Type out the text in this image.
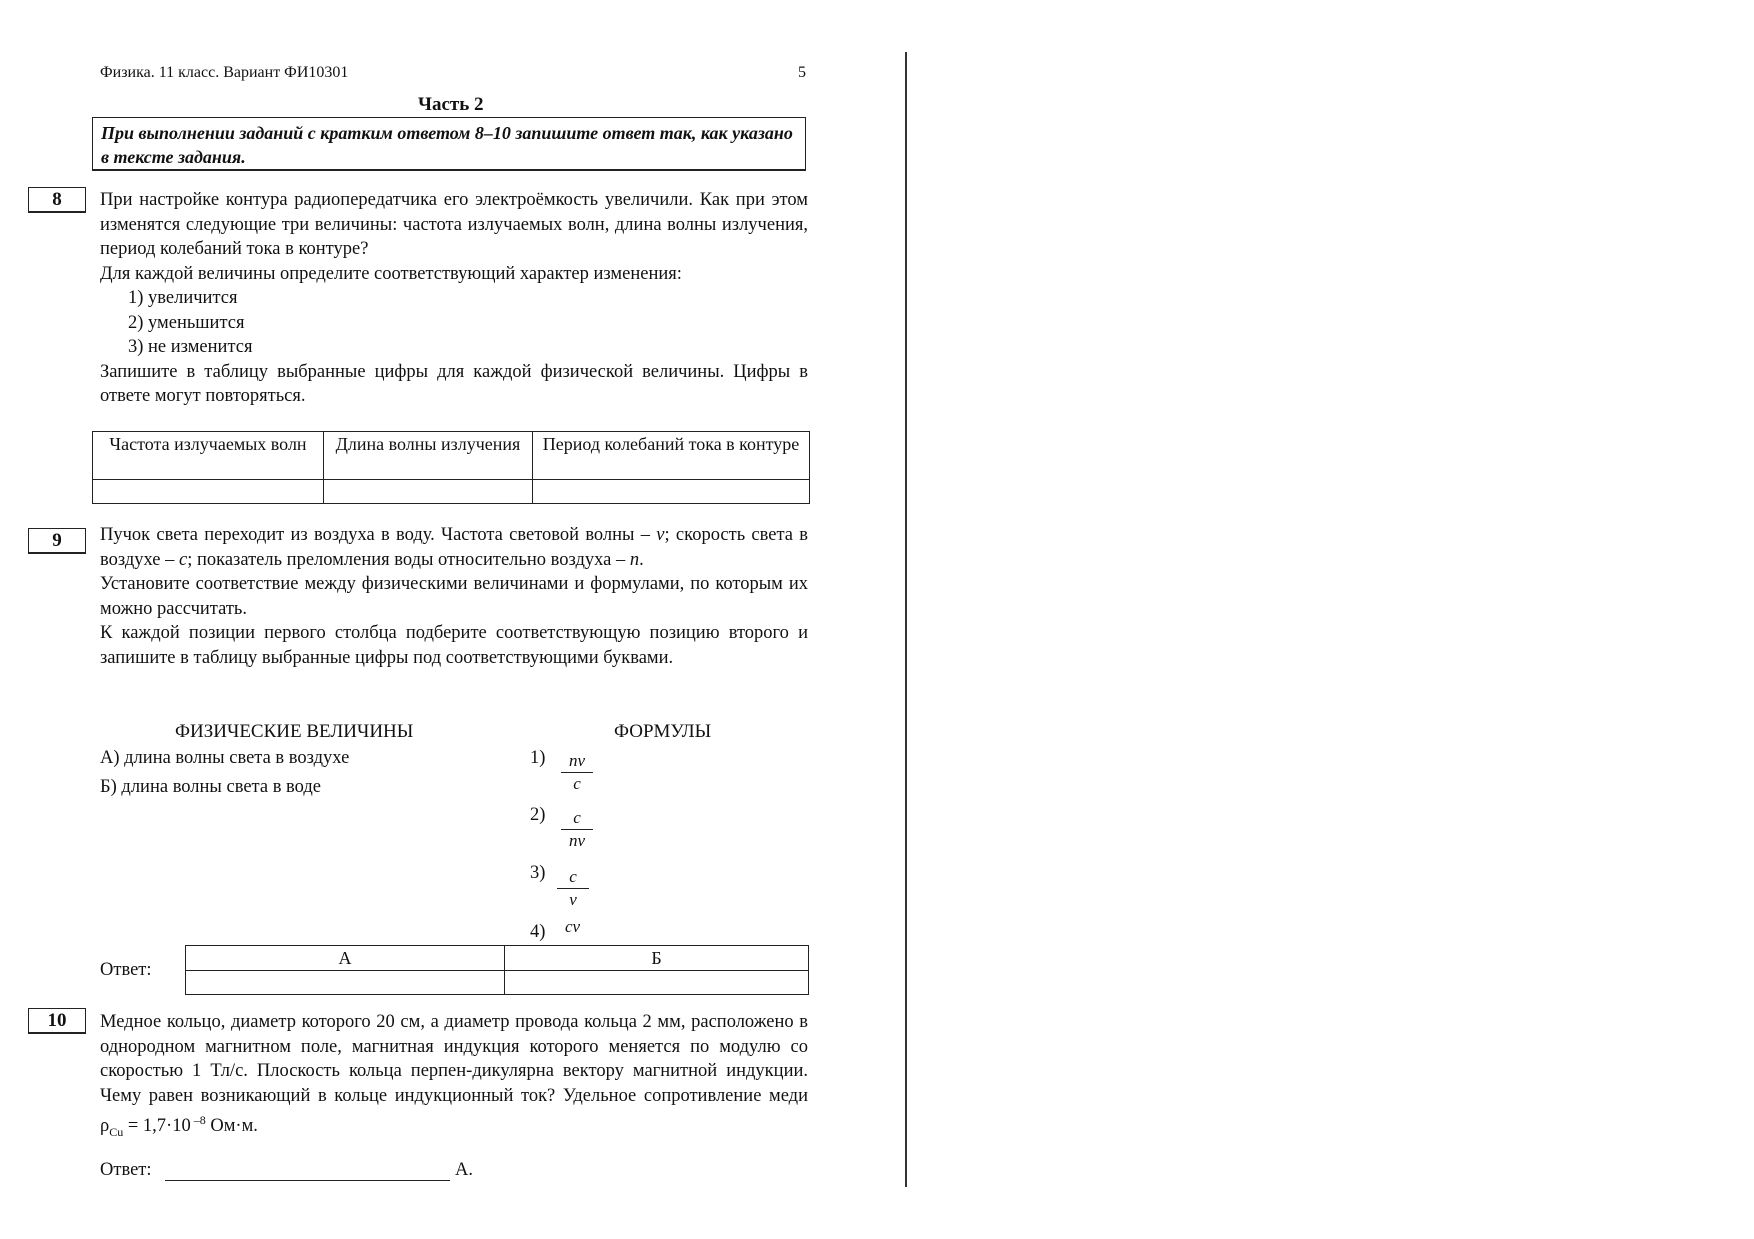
Физика. 11 класс. Вариант ФИ10301	5
Часть 2
При выполнении заданий с кратким ответом 8–10 запишите ответ так, как указано в тексте задания.
8	При настройке контура радиопередатчика его электроёмкость увеличили. Как при этом изменятся следующие три величины: частота излучаемых волн, длина волны излучения, период колебаний тока в контуре?

Для каждой величины определите соответствующий характер изменения:

1) увеличится

2) уменьшится

3) не изменится

Запишите в таблицу выбранные цифры для каждой физической величины. Цифры в ответе могут повторяться.

Частота излучаемых волн	Длина волны излучения	Период колебаний тока в контуре

9	Пучок света переходит из воздуха в воду. Частота световой волны – ν; скорость света в воздухе – c; показатель преломления воды относительно воздуха – n.

Установите соответствие между физическими величинами и формулами, по которым их можно рассчитать.

К каждой позиции первого столбца подберите соответствующую позицию второго и запишите в таблицу выбранные цифры под соответствующими буквами.

ФИЗИЧЕСКИЕ ВЕЛИЧИНЫ	ФОРМУЛЫ
А) длина волны света в воздухе
Б) длина волны света в воде
$1) \frac{n\nu}{c}$
$2) \frac{c}{n\nu}$
$3) \frac{c}{\nu}$
4) cν
Ответ:
А	Б

10	Медное кольцо, диаметр которого 20 см, а диаметр провода кольца 2 мм, расположено в однородном магнитном поле, магнитная индукция которого меняется по модулю со скоростью 1 Тл/с. Плоскость кольца перпен-дикулярна вектору магнитной индукции. Чему равен возникающий в кольце индукционный ток? Удельное сопротивление меди $\rho_{Cu} = 1,7\cdot 10$ $^{-8}$ Ом·м.

Ответ:	А.
